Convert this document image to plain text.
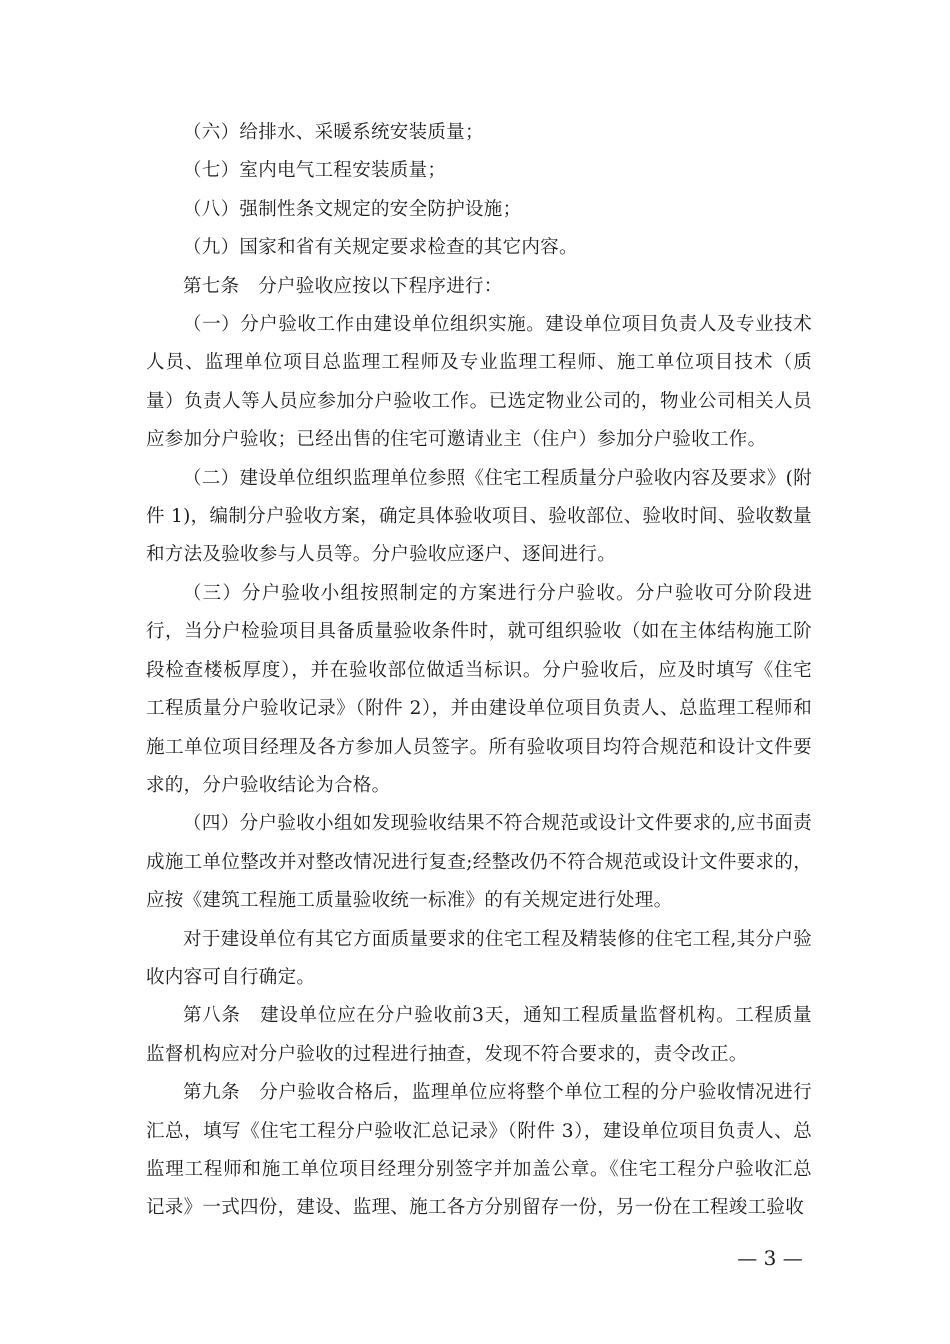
（六）给排水、采暖系统安装质量；

（七）室内电气工程安装质量；

（八）强制性条文规定的安全防护设施；

（九）国家和省有关规定要求检查的其它内容。

第七条　分户验收应按以下程序进行：

（一）分户验收工作由建设单位组织实施。建设单位项目负责人及专业技术人员、监理单位项目总监理工程师及专业监理工程师、施工单位项目技术（质量）负责人等人员应参加分户验收工作。已选定物业公司的，物业公司相关人员应参加分户验收；已经出售的住宅可邀请业主（住户）参加分户验收工作。

（二）建设单位组织监理单位参照《住宅工程质量分户验收内容及要求》(附件 1)，编制分户验收方案，确定具体验收项目、验收部位、验收时间、验收数量和方法及验收参与人员等。分户验收应逐户、逐间进行。

（三）分户验收小组按照制定的方案进行分户验收。分户验收可分阶段进行，当分户检验项目具备质量验收条件时，就可组织验收（如在主体结构施工阶段检查楼板厚度），并在验收部位做适当标识。分户验收后，应及时填写《住宅工程质量分户验收记录》（附件 2），并由建设单位项目负责人、总监理工程师和施工单位项目经理及各方参加人员签字。所有验收项目均符合规范和设计文件要求的，分户验收结论为合格。

（四）分户验收小组如发现验收结果不符合规范或设计文件要求的,应书面责成施工单位整改并对整改情况进行复查;经整改仍不符合规范或设计文件要求的，应按《建筑工程施工质量验收统一标准》的有关规定进行处理。

对于建设单位有其它方面质量要求的住宅工程及精装修的住宅工程,其分户验收内容可自行确定。

第八条　建设单位应在分户验收前3天，通知工程质量监督机构。工程质量监督机构应对分户验收的过程进行抽查，发现不符合要求的，责令改正。

第九条　分户验收合格后，监理单位应将整个单位工程的分户验收情况进行汇总，填写《住宅工程分户验收汇总记录》（附件 3），建设单位项目负责人、总监理工程师和施工单位项目经理分别签字并加盖公章。《住宅工程分户验收汇总记录》一式四份，建设、监理、施工各方分别留存一份，另一份在工程竣工验收

— 3 —
